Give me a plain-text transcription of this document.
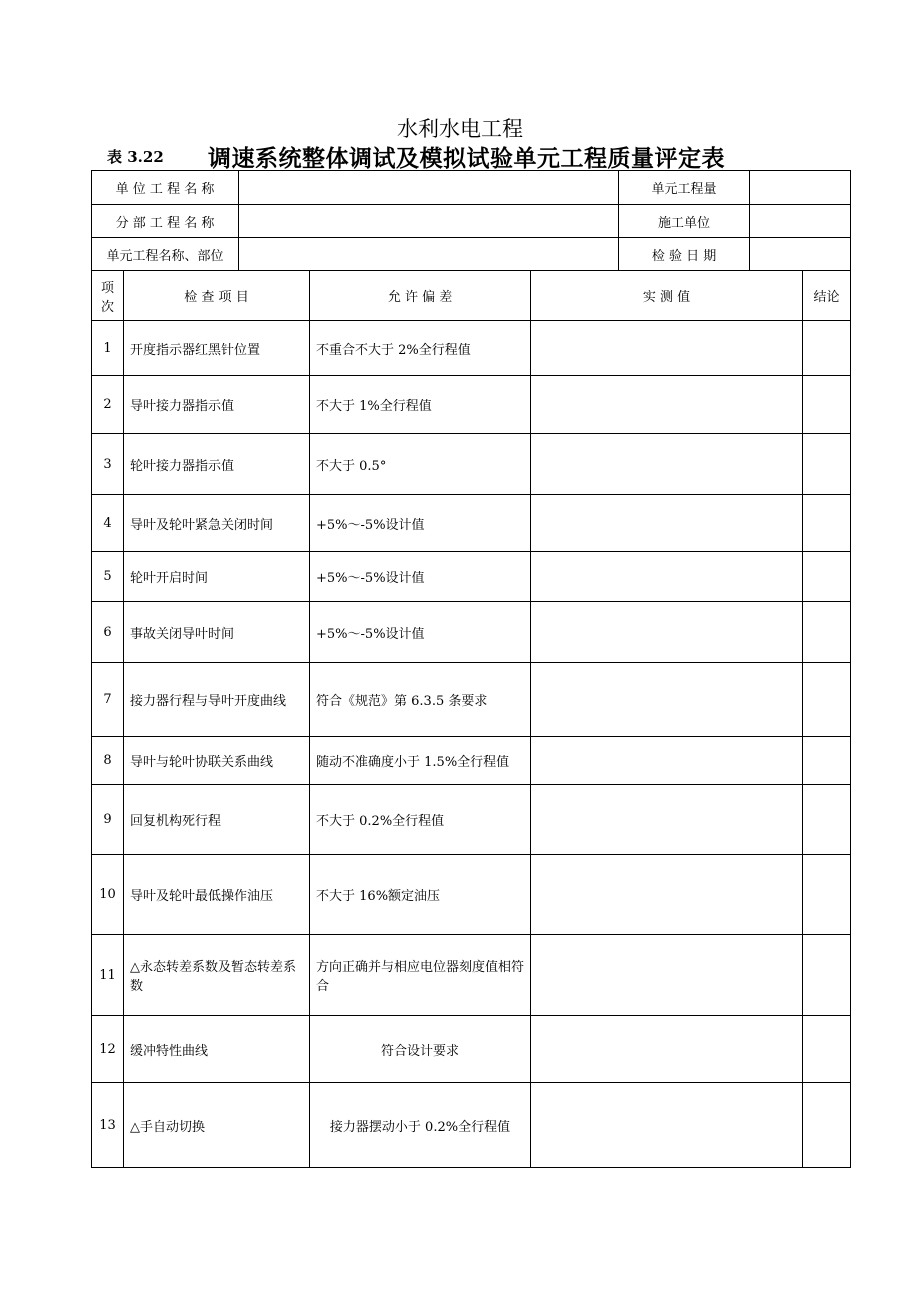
水利水电工程
表 3.22 调速系统整体调试及模拟试验单元工程质量评定表
单 位 工 程 名 称					单元工程量		
分 部 工 程 名 称					施工单位		
单元工程名称、部位					检 验 日 期		
项次	检 查 项 目		允 许 偏 差	实 测 值			结论
1	开度指示器红黑针位置		不重合不大于 2%全行程值				
2	导叶接力器指示值		不大于 1%全行程值				
3	轮叶接力器指示值		不大于 0.5°				
4	导叶及轮叶紧急关闭时间		+5%～-5%设计值				
5	轮叶开启时间		+5%～-5%设计值				
6	事故关闭导叶时间		+5%～-5%设计值				
7	接力器行程与导叶开度曲线		符合《规范》第 6.3.5 条要求				
8	导叶与轮叶协联关系曲线		随动不准确度小于 1.5%全行程值				
9	回复机构死行程		不大于 0.2%全行程值				
10	导叶及轮叶最低操作油压		不大于 16%额定油压				
11	△永态转差系数及暂态转差系数		方向正确并与相应电位器刻度值相符合				
12	缓冲特性曲线		符合设计要求				
13	△手自动切换		接力器摆动小于 0.2%全行程值				
